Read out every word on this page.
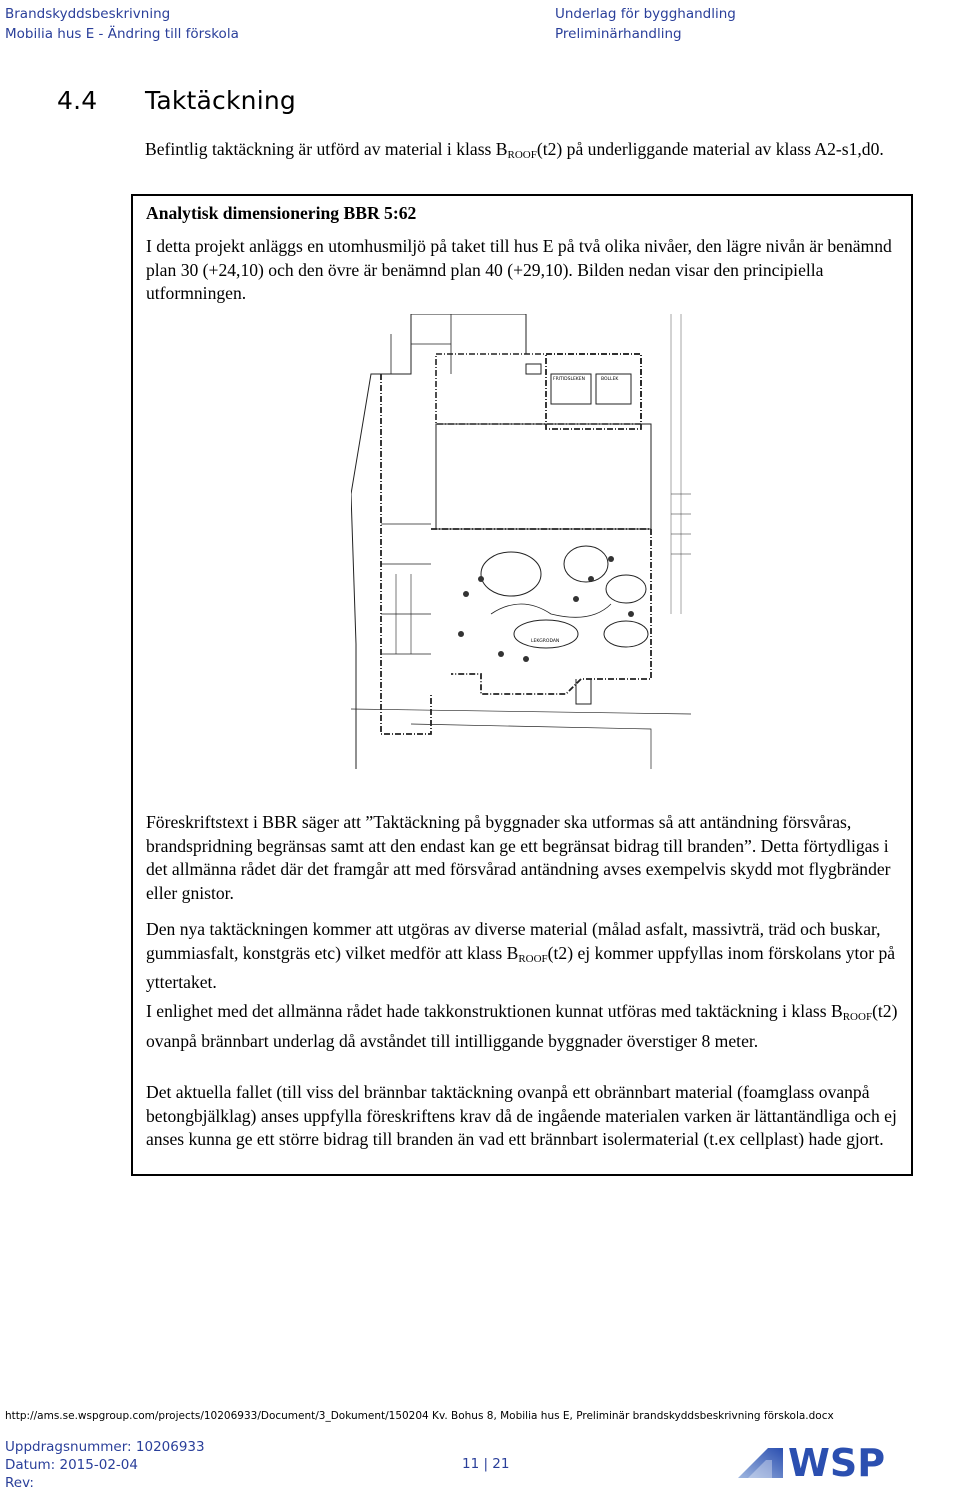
Brandskyddsbeskrivning
Mobilia hus E - Ändring till förskola
Underlag för bygghandling
Preliminärhandling
4.4 Taktäckning
Befintlig taktäckning är utförd av material i klass $B_{ROOF}(t2)$ på underliggande material av klass A2-s1,d0.
Analytisk dimensionering BBR 5:62
I detta projekt anläggs en utomhusmiljö på taket till hus E på två olika nivåer, den lägre nivån är benämnd plan 30 (+24,10) och den övre är benämnd plan 40 (+29,10). Bilden nedan visar den principiella utformningen.
FRITIDSLEKEN	BOLLEK
LEKGRODAN
Föreskriftstext i BBR säger att ”Taktäckning på byggnader ska utformas så att antändning försvåras, brandspridning begränsas samt att den endast kan ge ett begränsat bidrag till branden”. Detta förtydligas i det allmänna rådet där det framgår att med försvårad antändning avses exempelvis skydd mot flygbränder eller gnistor.
Den nya taktäckningen kommer att utgöras av diverse material (målad asfalt, massivträ, träd och buskar, gummiasfalt, konstgräs etc) vilket medför att klass $B_{ROOF}(t2)$ ej kommer uppfyllas inom förskolans ytor på yttertaket.
I enlighet med det allmänna rådet hade takkonstruktionen kunnat utföras med taktäckning i klass $B_{ROOF}(t2)$ ovanpå brännbart underlag då avståndet till intilliggande byggnader överstiger 8 meter.
Det aktuella fallet (till viss del brännbar taktäckning ovanpå ett obrännbart material (foamglass ovanpå betongbjälklag) anses uppfylla föreskriftens krav då de ingående materialen varken är lättantändliga och ej anses kunna ge ett större bidrag till branden än vad ett brännbart isolermaterial (t.ex cellplast) hade gjort.
http://ams.se.wspgroup.com/projects/10206933/Document/3_Dokument/150204 Kv. Bohus 8, Mobilia hus E, Preliminär brandskyddsbeskrivning förskola.docx
Uppdragsnummer: 10206933
Datum: 2015-02-04
Rev:
11 | 21	WSP
